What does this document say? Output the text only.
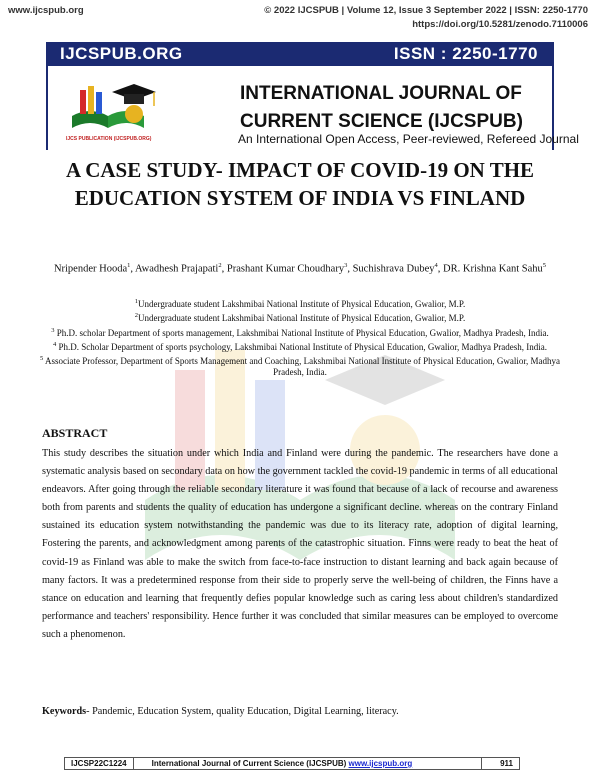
www.ijcspub.org	© 2022 IJCSPUB | Volume 12, Issue 3 September 2022 | ISSN: 2250-1770
https://doi.org/10.5281/zenodo.7110006
IJCSPUB.ORG	ISSN : 2250-1770
IJCS PUBLICATION (IJCSPUB.ORG)
INTERNATIONAL JOURNAL OF

CURRENT SCIENCE (IJCSPUB)
An International Open Access, Peer-reviewed, Refereed Journal
A CASE STUDY- IMPACT OF COVID-19 ON THE EDUCATION SYSTEM OF INDIA VS FINLAND
Nripender Hooda$^1$, Awadhesh Prajapati$^2$, Prashant Kumar Choudhary$^3$, Suchishrava Dubey$^4$, DR. Krishna Kant Sahu$^5$

$^1$Undergraduate student Lakshmibai National Institute of Physical Education, Gwalior, M.P.

$^2$Undergraduate student Lakshmibai National Institute of Physical Education, Gwalior, M.P.

$^3$ Ph.D. scholar Department of sports management, Lakshmibai National Institute of Physical Education, Gwalior, Madhya Pradesh, India.

$^4$ Ph.D. Scholar Department of sports psychology, Lakshmibai National Institute of Physical Education, Gwalior, Madhya Pradesh, India.

$^5$ Associate Professor, Department of Sports Management and Coaching, Lakshmibai National Institute of Physical Education, Gwalior, Madhya Pradesh, India.

ABSTRACT

This study describes the situation under which India and Finland were during the pandemic. The researchers have done a systematic analysis based on secondary data on how the government tackled the covid-19 pandemic in terms of all educational endeavors. After going through the reliable secondary literature it was found that because of a lack of recourse and awareness both from parents and students the quality of education has undergone a significant decline. whereas on the contrary Finland sustained its education system notwithstanding the pandemic was due to its literacy rate, adoption of digital learning, Fostering the parents, and acknowledgment among parents of the catastrophic situation. Finns were ready to beat the heat of covid-19 as Finland was able to make the switch from face-to-face instruction to distant learning and back again because of many factors. It was a predetermined response from their side to properly serve the well-being of children, the Finns have a stance on education and learning that frequently defies popular knowledge such as caring less about children's standardized performance and teachers' responsibility. Hence further it was concluded that similar measures can be employed to overcome such a phenomenon.

Keywords- Pandemic, Education System, quality Education, Digital Learning, literacy.
IJCSP22C1224	International Journal of Current Science (IJCSPUB) www.ijcspub.org	911
